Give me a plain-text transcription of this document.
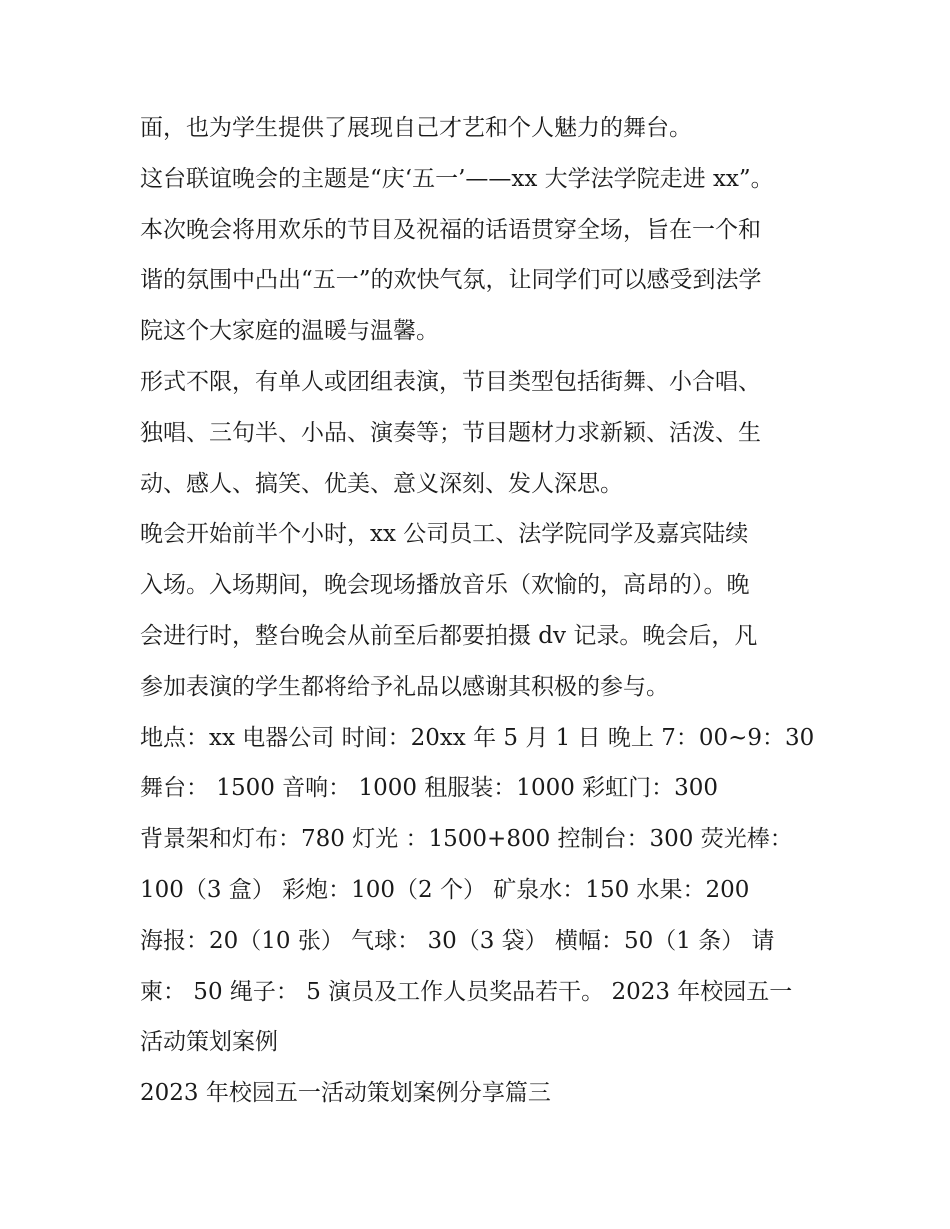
面，也为学生提供了展现自己才艺和个人魅力的舞台。
这台联谊晚会的主题是“庆‘五一’——xx 大学法学院走进 xx”。
本次晚会将用欢乐的节目及祝福的话语贯穿全场，旨在一个和
谐的氛围中凸出“五一”的欢快气氛，让同学们可以感受到法学
院这个大家庭的温暖与温馨。
形式不限，有单人或团组表演，节目类型包括街舞、小合唱、
独唱、三句半、小品、演奏等；节目题材力求新颖、活泼、生
动、感人、搞笑、优美、意义深刻、发人深思。
晚会开始前半个小时，xx 公司员工、法学院同学及嘉宾陆续
入场。入场期间，晚会现场播放音乐（欢愉的，高昂的）。晚
会进行时，整台晚会从前至后都要拍摄 dv 记录。晚会后，凡
参加表演的学生都将给予礼品以感谢其积极的参与。
地点：xx 电器公司 时间：20xx 年 5 月 1 日 晚上 7：00~9：30
舞台： 1500 音响： 1000 租服装：1000 彩虹门：300
背景架和灯布：780 灯光 ：1500+800 控制台：300 荧光棒：
100（3 盒） 彩炮：100（2 个） 矿泉水：150 水果：200
海报：20（10 张） 气球： 30（3 袋） 横幅：50（1 条） 请
柬： 50 绳子： 5 演员及工作人员奖品若干。 2023 年校园五一
活动策划案例
2023 年校园五一活动策划案例分享篇三
